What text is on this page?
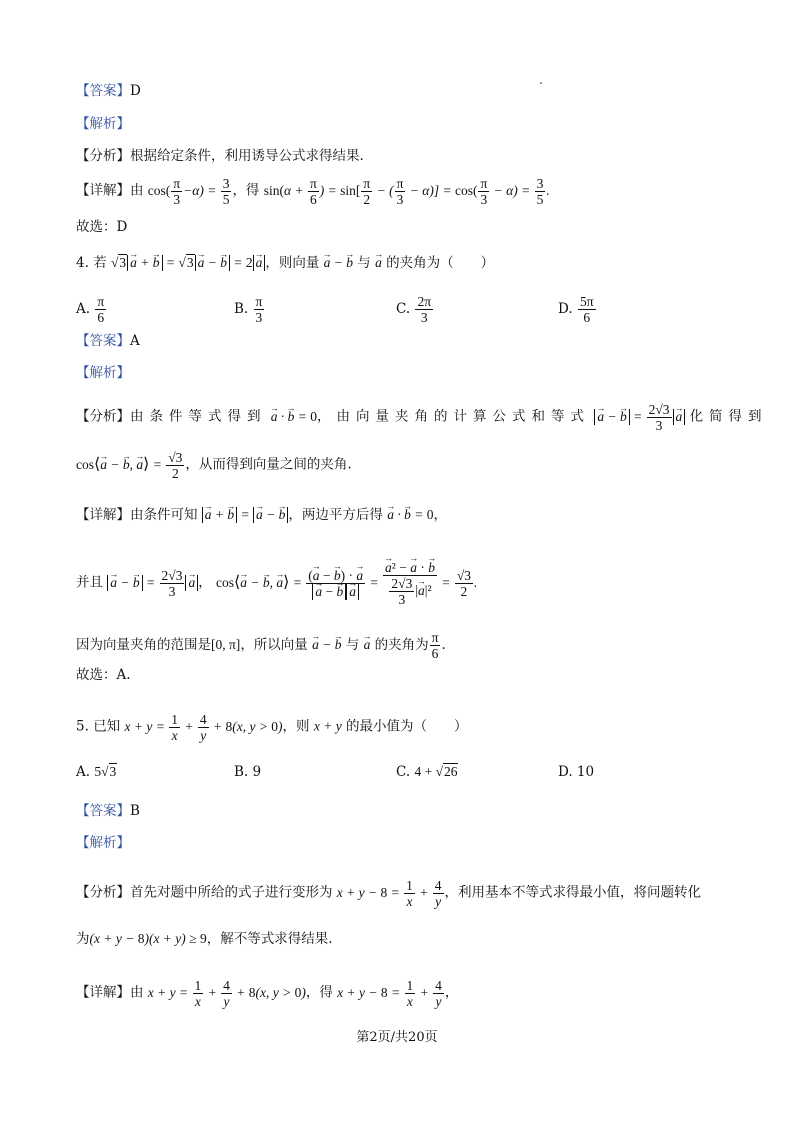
【答案】D
【解析】
【分析】根据给定条件，利用诱导公式求得结果.
【详解】由 $\cos( \frac{\pi}{3} -\alpha) = \frac{3}{5}$ ，得 $\sin(\alpha + \frac{\pi}{6}$ ) = $\sin[ \frac{\pi}{2}$ − ( $\frac{\pi}{3} - \alpha)] = \cos( \frac{\pi}{3} - \alpha) = \frac{3}{5}$ .
故选：D
4. 若 √3→ a + → b = √3→ a − → b = 2→ a ，则向量 → a − → b 与 → a 的夹角为（　　）
A. $\frac{\pi}{6}$	B. $\frac{\pi}{3}$	C. $\frac{2\pi}{3}$	D. $\frac{5\pi}{6}$
【答案】A
【解析】
【分析】由条件等式得到 → a · → b = 0，由向量夹角的计算公式和等式 → a − → $b = \frac{2√3}{3}$
→ a 化简得到
cos⟨→ a − → b, → a⟩ = $\frac{√3}{2}$ ，从而得到向量之间的夹角.
【详解】由条件可知 → a + → b = → a − → b ，两边平方后得 → a · → b = 0，
并且 → a − → $b = \frac{2√3}{3}$
→ a ， cos⟨→ a − → b, → a⟩ = (→ a − → b) · → a
→ a − → b→ a =
→ $\frac{\text{a² − → a · → b}}{\frac{2√3}{3} |\to a|^2} = \frac{√3}{2}$ .
因为向量夹角的范围是[0, π]，所以向量 → a − → b 与 → a 的夹角为 $\frac{\pi}{6}$ .
故选：A.
5. 已知 $x + y = \frac{1}{x} + \frac{4}{y} + 8(x$, y > 0)，则 x + y 的最小值为（　　）
A. 5√3	B. 9	C. 4 + √26	D. 10
【答案】B
【解析】
【分析】首先对题中所给的式子进行变形为 $x + y - 8 = \frac{1}{x} + \frac{4}{y}$ ，利用基本不等式求得最小值，将问题转化
为(x + y − 8)(x + y) ≥ 9，解不等式求得结果.
【详解】由 $x + y = \frac{1}{x} + \frac{4}{y} + 8(x$, y > 0)，得 $x + y - 8 = \frac{1}{x} + \frac{4}{y}$ ，
第2页/共20页
